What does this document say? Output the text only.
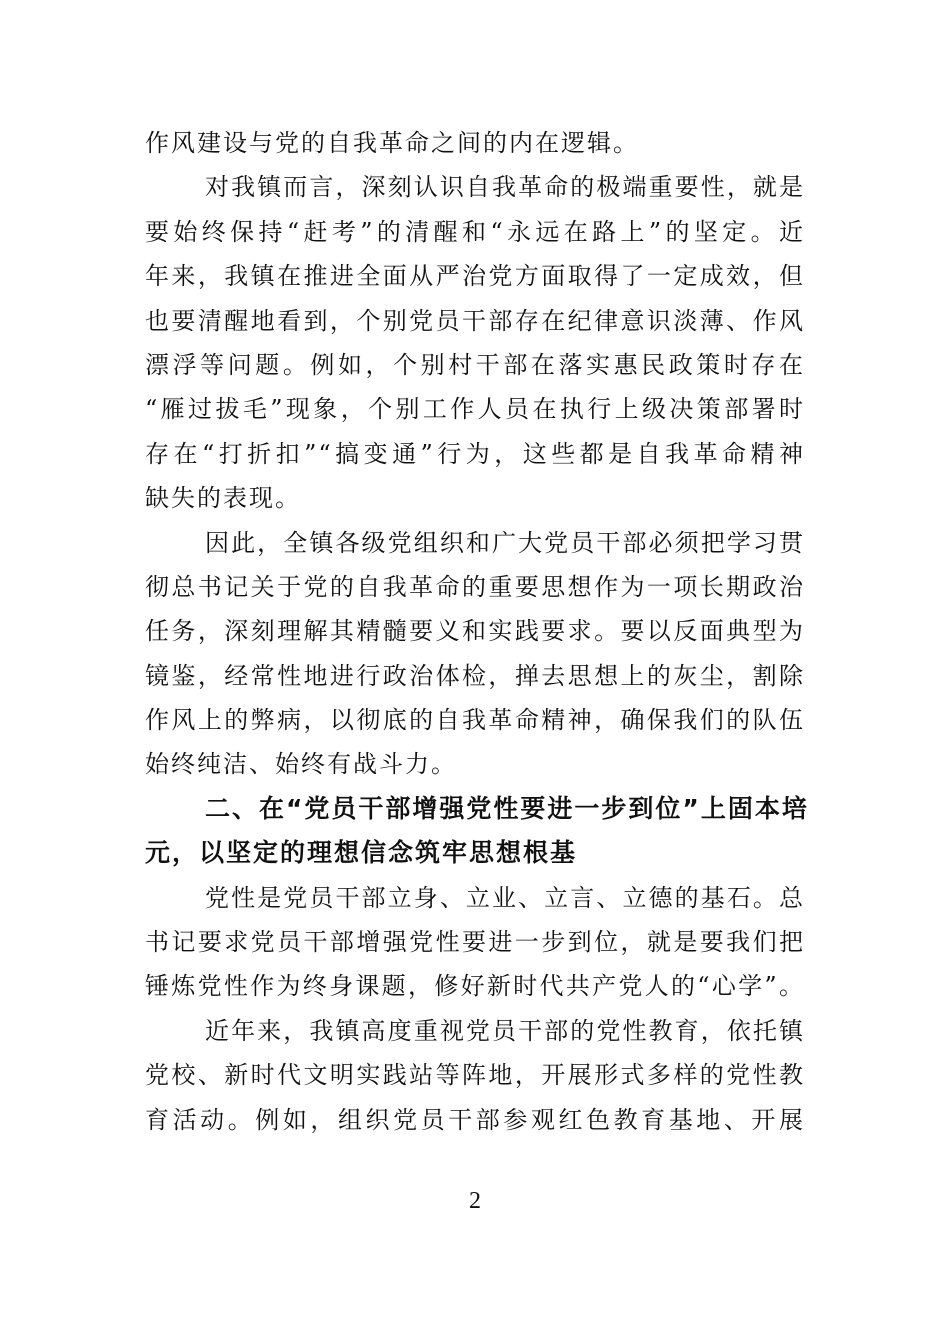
作风建设与党的自我革命之间的内在逻辑。
对我镇而言，深刻认识自我革命的极端重要性，就是
要始终保持“赶考”的清醒和“永远在路上”的坚定。近
年来，我镇在推进全面从严治党方面取得了一定成效，但
也要清醒地看到，个别党员干部存在纪律意识淡薄、作风
漂浮等问题。例如，个别村干部在落实惠民政策时存在
“雁过拔毛”现象，个别工作人员在执行上级决策部署时
存在“打折扣”“搞变通”行为，这些都是自我革命精神
缺失的表现。
因此，全镇各级党组织和广大党员干部必须把学习贯
彻总书记关于党的自我革命的重要思想作为一项长期政治
任务，深刻理解其精髓要义和实践要求。要以反面典型为
镜鉴，经常性地进行政治体检，掸去思想上的灰尘，割除
作风上的弊病，以彻底的自我革命精神，确保我们的队伍
始终纯洁、始终有战斗力。
二、在“党员干部增强党性要进一步到位”上固本培
元，以坚定的理想信念筑牢思想根基
党性是党员干部立身、立业、立言、立德的基石。总
书记要求党员干部增强党性要进一步到位，就是要我们把
锤炼党性作为终身课题，修好新时代共产党人的“心学”。
近年来，我镇高度重视党员干部的党性教育，依托镇
党校、新时代文明实践站等阵地，开展形式多样的党性教
育活动。例如，组织党员干部参观红色教育基地、开展
2
